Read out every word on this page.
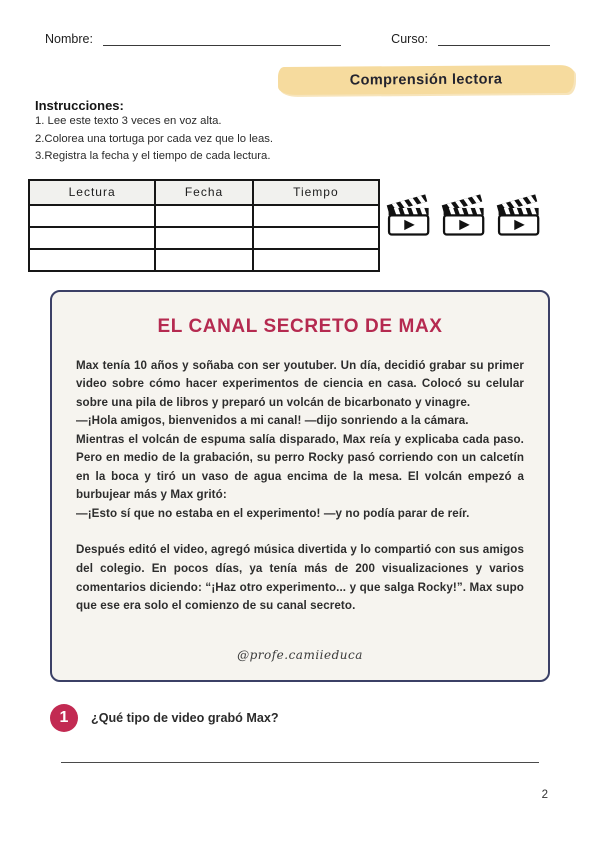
Nombre:	Curso:
Comprensión lectora
Instrucciones:
1. Lee este texto 3 veces en voz alta.
2.Colorea una tortuga por cada vez que lo leas.
3.Registra la fecha y el tiempo de cada lectura.
Lectura	Fecha	Tiempo

EL CANAL SECRETO DE MAX

Max tenía 10 años y soñaba con ser youtuber. Un día, decidió grabar su primer video sobre cómo hacer experimentos de ciencia en casa. Colocó su celular sobre una pila de libros y preparó un volcán de bicarbonato y vinagre.

—¡Hola amigos, bienvenidos a mi canal! —dijo sonriendo a la cámara.

Mientras el volcán de espuma salía disparado, Max reía y explicaba cada paso. Pero en medio de la grabación, su perro Rocky pasó corriendo con un calcetín en la boca y tiró un vaso de agua encima de la mesa. El volcán empezó a burbujear más y Max gritó:

—¡Esto sí que no estaba en el experimento! —y no podía parar de reír.

Después editó el video, agregó música divertida y lo compartió con sus amigos del colegio. En pocos días, ya tenía más de 200 visualizaciones y varios comentarios diciendo: “¡Haz otro experimento... y que salga Rocky!”. Max supo que ese era solo el comienzo de su canal secreto.

@profe.camiieduca
1 ¿Qué tipo de video grabó Max?
2
